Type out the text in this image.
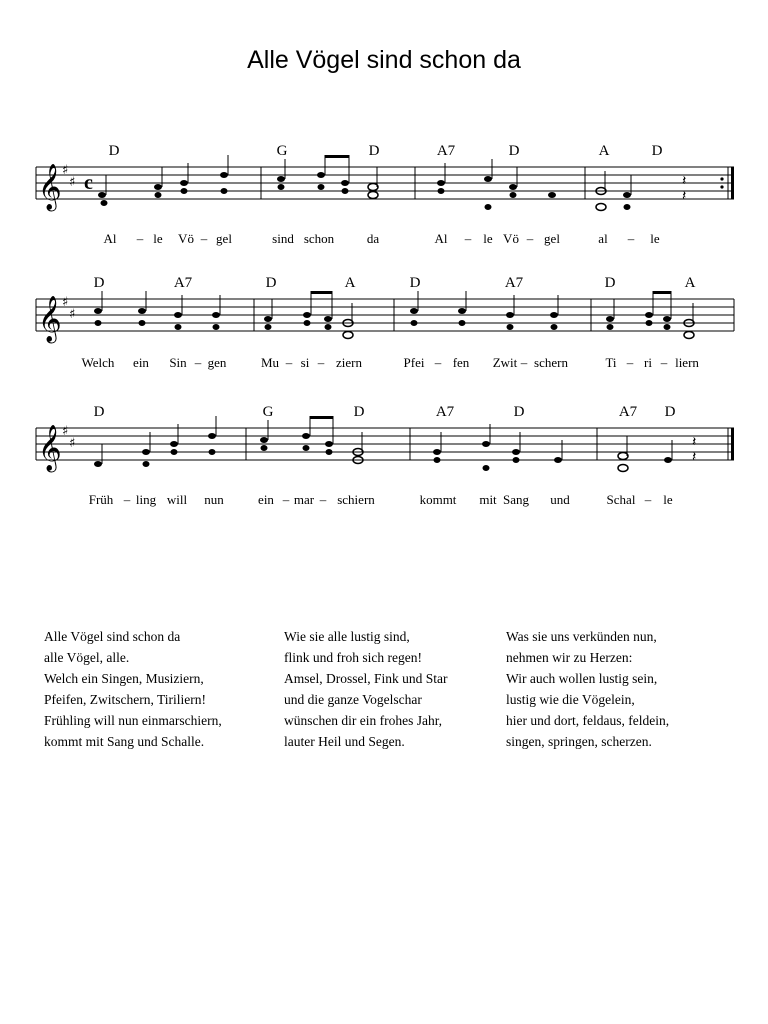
Alle Vögel sind schon da
D	G	D	A7	D	A	D
𝄞 ♯
♯ c	𝄽
𝄽
Al – le Vö – gel	sind schon	da	Al – le Vö – gel	al – le
D	A7	D	A	D	A7	D	A
𝄞 ♯
♯
Welch ein Sin – gen	Mu – si – ziern	Pfei – fen Zwit – schern	Ti – ri – liern
D	G	D	A7	D	A7 D
𝄞 ♯
♯	𝄽
𝄽
Früh – ling will nun	ein – mar – schiern	kommt mit Sang und	Schal – le
Alle Vögel sind schon da
alle Vögel, alle.
Welch ein Singen, Musiziern,
Pfeifen, Zwitschern, Tiriliern!
Frühling will nun einmarschiern,
kommt mit Sang und Schalle.
Wie sie alle lustig sind,
flink und froh sich regen!
Amsel, Drossel, Fink und Star
und die ganze Vogelschar
wünschen dir ein frohes Jahr,
lauter Heil und Segen.
Was sie uns verkünden nun,
nehmen wir zu Herzen:
Wir auch wollen lustig sein,
lustig wie die Vögelein,
hier und dort, feldaus, feldein,
singen, springen, scherzen.
